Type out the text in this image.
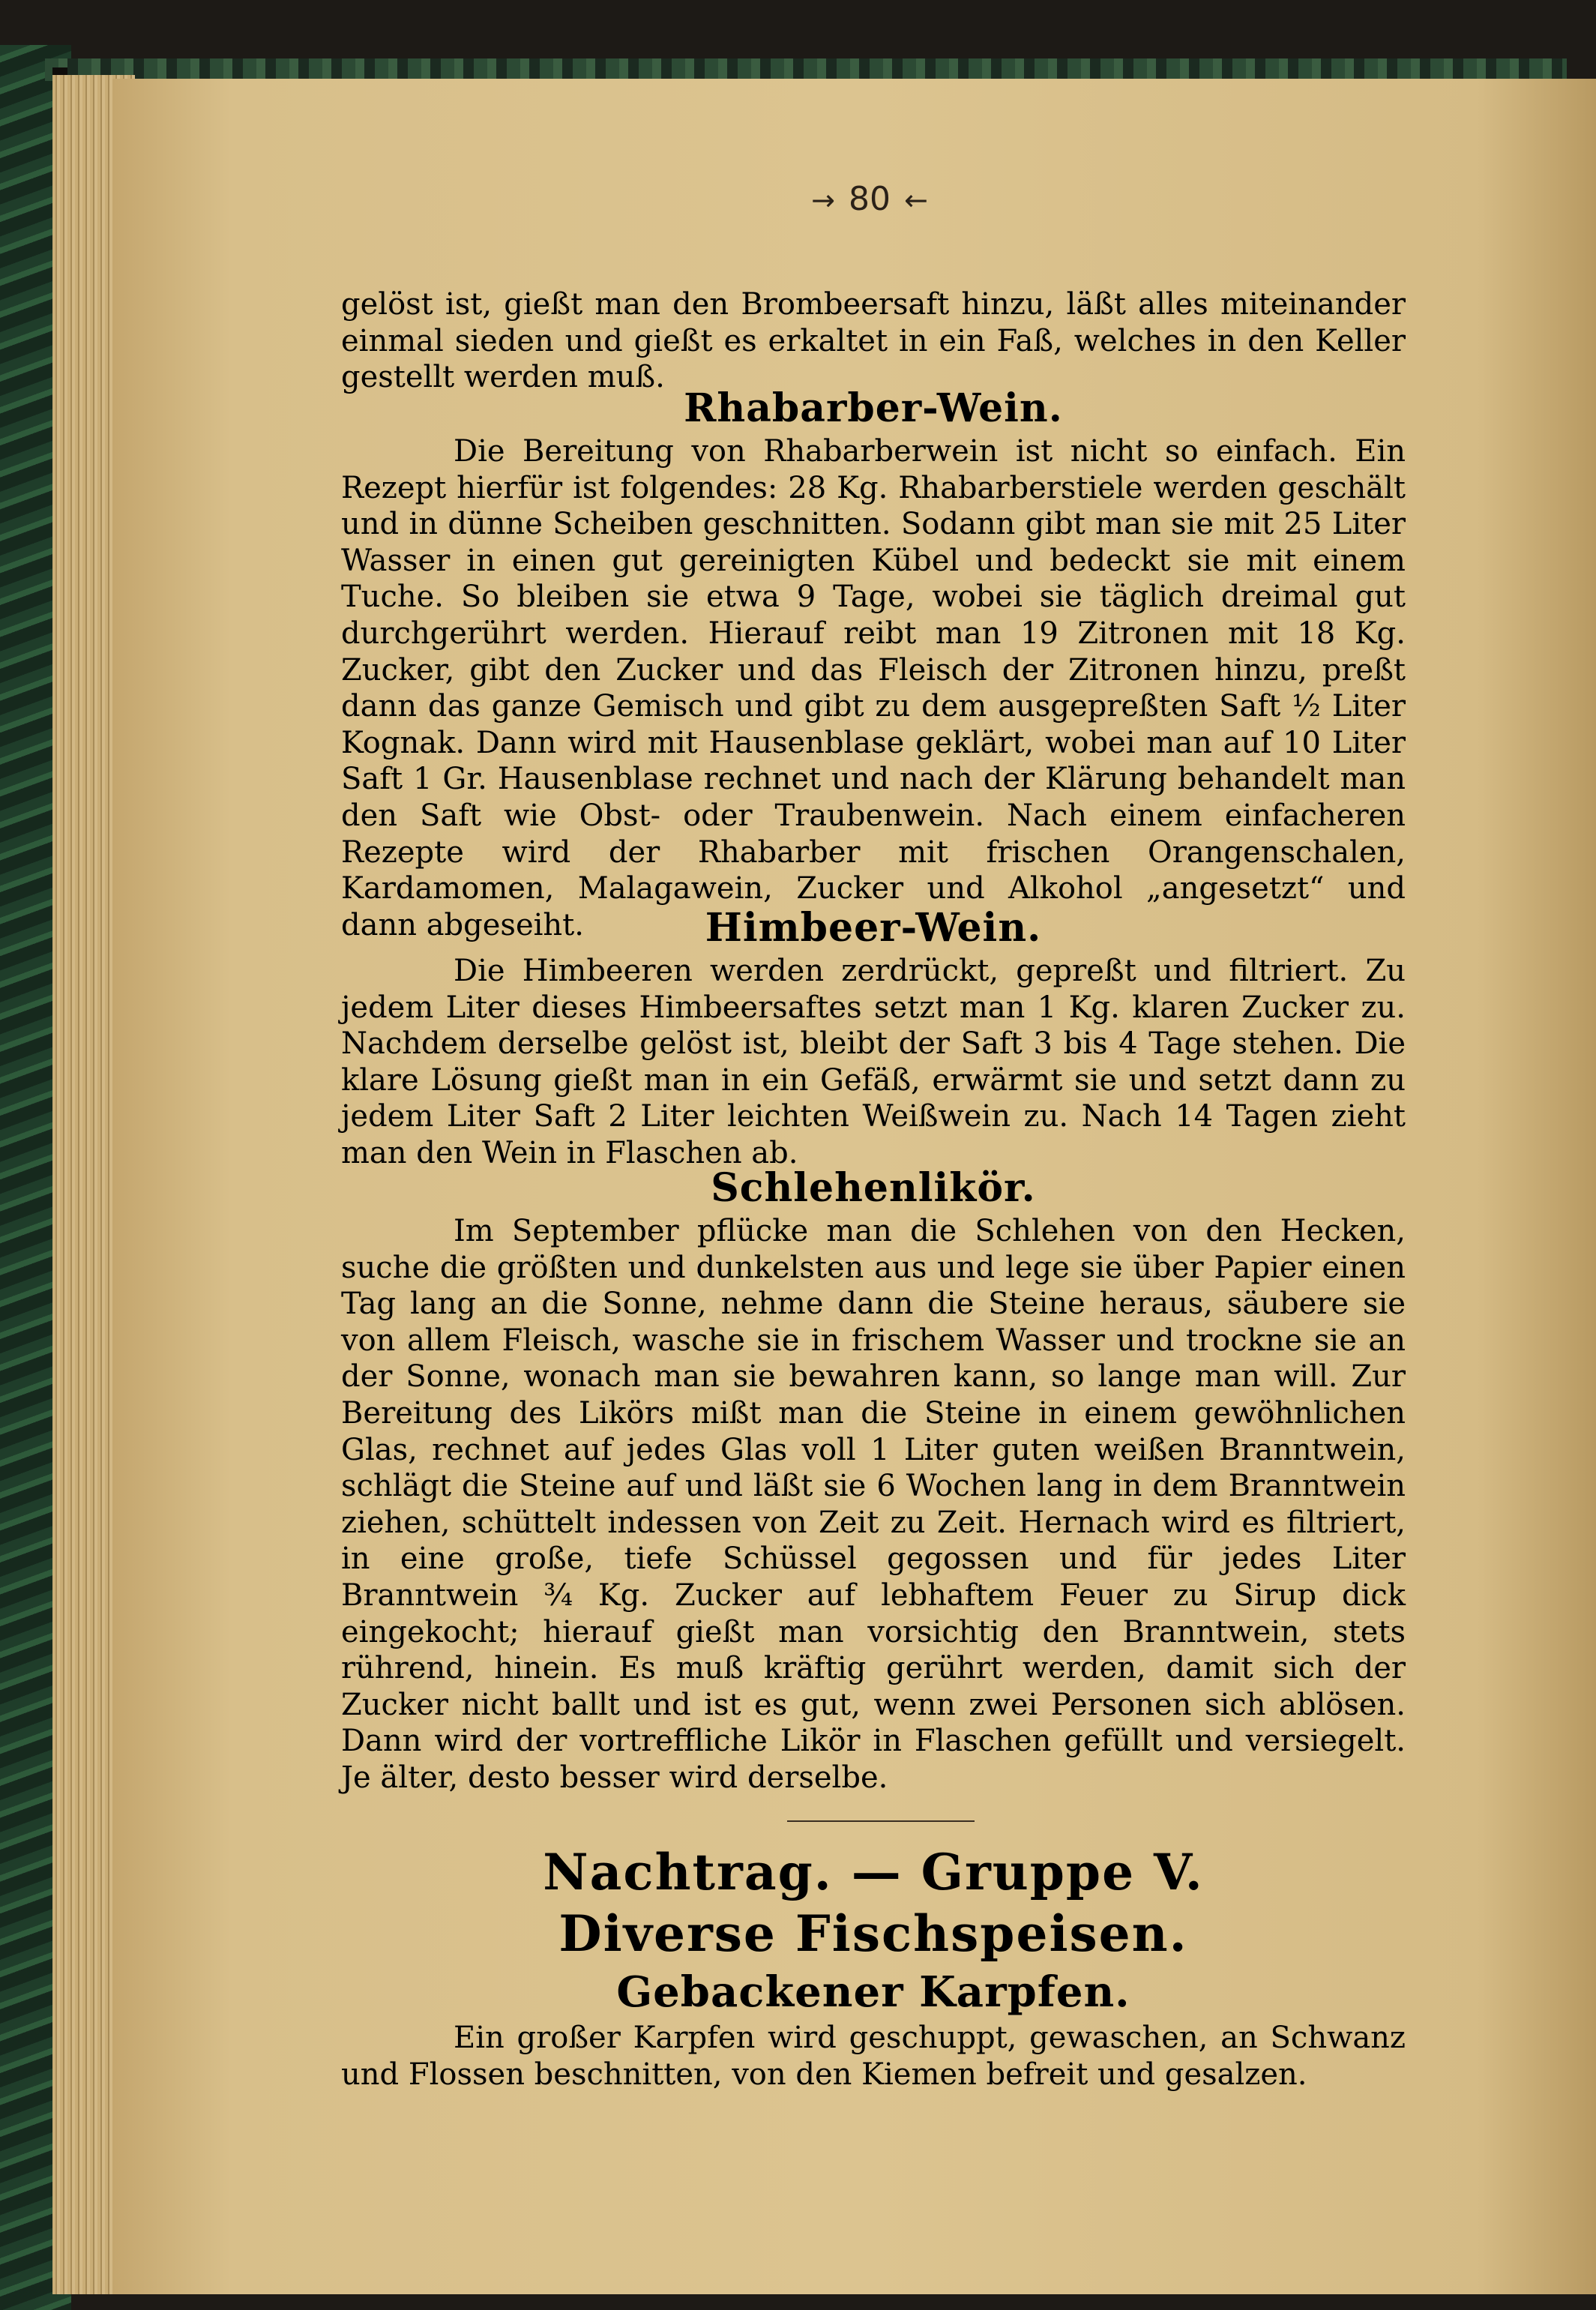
→ 80 ←

gelöst ist, gießt man den Brombeersaft hinzu, läßt alles miteinander einmal sieden und gießt es erkaltet in ein Faß, welches in den Keller gestellt werden muß.

Rhabarber-Wein.

Die Bereitung von Rhabarberwein ist nicht so einfach. Ein Rezept hierfür ist folgendes: 28 Kg. Rhabarberstiele werden geschält und in dünne Scheiben geschnitten. Sodann gibt man sie mit 25 Liter Wasser in einen gut gereinigten Kübel und bedeckt sie mit einem Tuche. So bleiben sie etwa 9 Tage, wobei sie täglich dreimal gut durchgerührt werden. Hierauf reibt man 19 Zitronen mit 18 Kg. Zucker, gibt den Zucker und das Fleisch der Zitronen hinzu, preßt dann das ganze Gemisch und gibt zu dem ausgepreßten Saft ½ Liter Kognak. Dann wird mit Hausenblase geklärt, wobei man auf 10 Liter Saft 1 Gr. Hausenblase rechnet und nach der Klärung behandelt man den Saft wie Obst- oder Traubenwein. Nach einem einfacheren Rezepte wird der Rhabarber mit frischen Orangenschalen, Kardamomen, Malagawein, Zucker und Alkohol „angesetzt“ und dann abgeseiht.	Himbeer-Wein.

Die Himbeeren werden zerdrückt, gepreßt und filtriert. Zu jedem Liter dieses Himbeersaftes setzt man 1 Kg. klaren Zucker zu. Nachdem derselbe gelöst ist, bleibt der Saft 3 bis 4 Tage stehen. Die klare Lösung gießt man in ein Gefäß, erwärmt sie und setzt dann zu jedem Liter Saft 2 Liter leichten Weißwein zu. Nach 14 Tagen zieht man den Wein in Flaschen ab.

Schlehenlikör.

Im September pflücke man die Schlehen von den Hecken, suche die größten und dunkelsten aus und lege sie über Papier einen Tag lang an die Sonne, nehme dann die Steine heraus, säubere sie von allem Fleisch, wasche sie in frischem Wasser und trockne sie an der Sonne, wonach man sie bewahren kann, so lange man will. Zur Bereitung des Likörs mißt man die Steine in einem gewöhnlichen Glas, rechnet auf jedes Glas voll 1 Liter guten weißen Branntwein, schlägt die Steine auf und läßt sie 6 Wochen lang in dem Branntwein ziehen, schüttelt indessen von Zeit zu Zeit. Hernach wird es filtriert, in eine große, tiefe Schüssel gegossen und für jedes Liter Branntwein ¾ Kg. Zucker auf lebhaftem Feuer zu Sirup dick eingekocht; hierauf gießt man vorsichtig den Branntwein, stets rührend, hinein. Es muß kräftig gerührt werden, damit sich der Zucker nicht ballt und ist es gut, wenn zwei Personen sich ablösen. Dann wird der vortreffliche Likör in Flaschen gefüllt und versiegelt. Je älter, desto besser wird derselbe.

Nachtrag. — Gruppe V.

Diverse Fischspeisen.

Gebackener Karpfen.

Ein großer Karpfen wird geschuppt, gewaschen, an Schwanz und Flossen beschnitten, von den Kiemen befreit und gesalzen.
